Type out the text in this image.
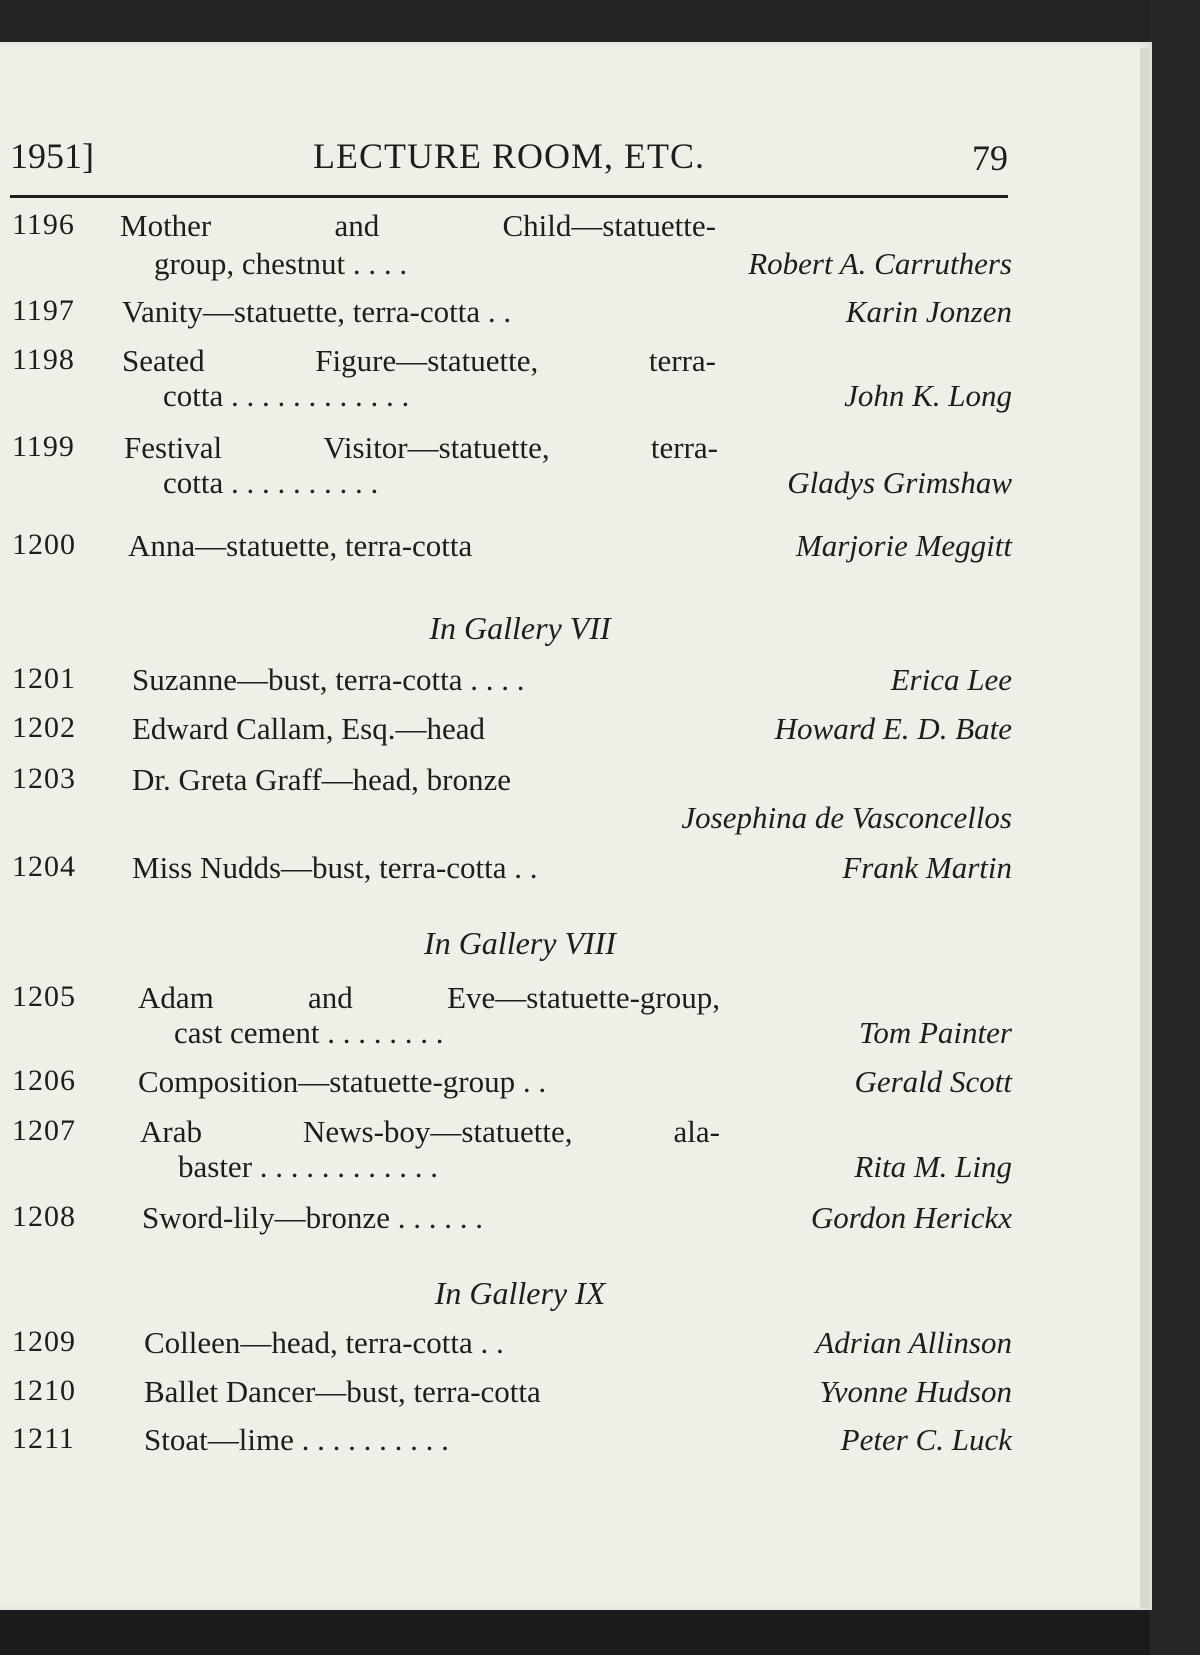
1951]	LECTURE ROOM, ETC.	79
1196 Mother	and	Child—statuette-
group, chestnut . . . .	Robert A. Carruthers
1197 Vanity—statuette, terra-cotta . .	Karin Jonzen
1198 Seated	Figure—statuette,	terra-
cotta . . . . . . . . . . . .	John K. Long
1199 Festival	Visitor—statuette,	terra-
cotta . . . . . . . . . .	Gladys Grimshaw
1200 Anna—statuette, terra-cotta	Marjorie Meggitt
In Gallery VII
1201 Suzanne—bust, terra-cotta . . . .	Erica Lee
1202 Edward Callam, Esq.—head	Howard E. D. Bate
1203 Dr. Greta Graff—head, bronze
Josephina de Vasconcellos
1204 Miss Nudds—bust, terra-cotta . .	Frank Martin
In Gallery VIII
1205 Adam	and	Eve—statuette-group,
cast cement . . . . . . . .	Tom Painter
1206 Composition—statuette-group . .	Gerald Scott
1207 Arab	News-boy—statuette,	ala-
baster . . . . . . . . . . . .	Rita M. Ling
1208 Sword-lily—bronze . . . . . .	Gordon Herickx
In Gallery IX
1209 Colleen—head, terra-cotta . .	Adrian Allinson
1210 Ballet Dancer—bust, terra-cotta	Yvonne Hudson
1211 Stoat—lime . . . . . . . . . .	Peter C. Luck
